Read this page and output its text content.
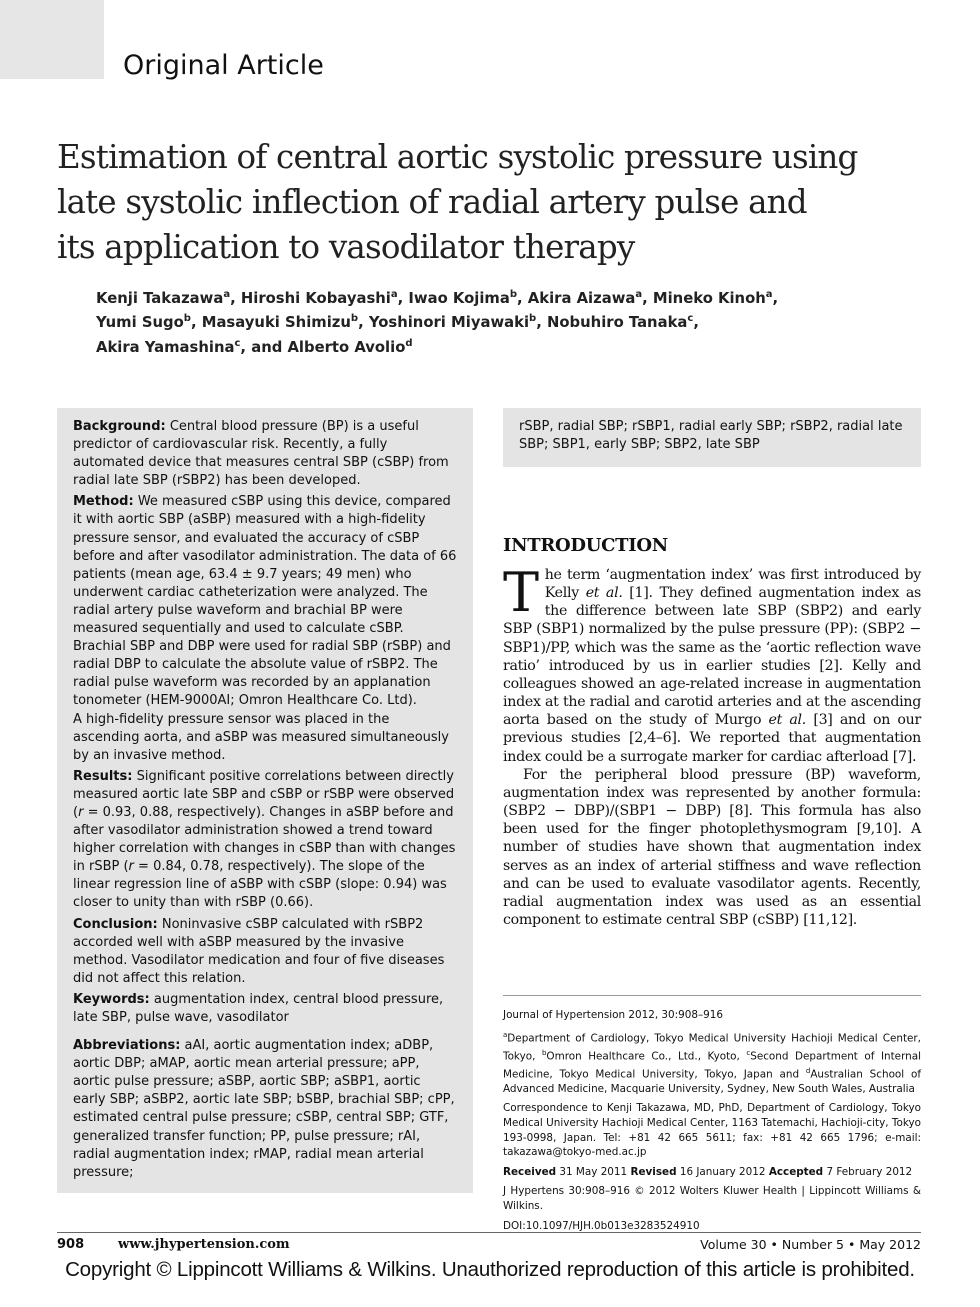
Original Article
Estimation of central aortic systolic pressure using
late systolic inflection of radial artery pulse and
its application to vasodilator therapy
Kenji Takazawa$^a$, Hiroshi Kobayashi$^a$, Iwao Kojima$^b$, Akira Aizawa$^a$, Mineko Kinoh$^a$,
Yumi Sugo$^b$, Masayuki Shimizu$^b$, Yoshinori Miyawaki$^b$, Nobuhiro Tanaka$^c$,
Akira Yamashina$^c$, and Alberto Avolio$^d$

Background: Central blood pressure (BP) is a useful predictor of cardiovascular risk. Recently, a fully automated device that measures central SBP (cSBP) from radial late SBP (rSBP2) has been developed.

Method: We measured cSBP using this device, compared it with aortic SBP (aSBP) measured with a high-fidelity pressure sensor, and evaluated the accuracy of cSBP before and after vasodilator administration. The data of 66 patients (mean age, 63.4 ± 9.7 years; 49 men) who underwent cardiac catheterization were analyzed. The radial artery pulse waveform and brachial BP were measured sequentially and used to calculate cSBP. Brachial SBP and DBP were used for radial SBP (rSBP) and radial DBP to calculate the absolute value of rSBP2. The radial pulse waveform was recorded by an applanation tonometer (HEM-9000AI; Omron Healthcare Co. Ltd).
A high-fidelity pressure sensor was placed in the ascending aorta, and aSBP was measured simultaneously by an invasive method.

Results: Significant positive correlations between directly measured aortic late SBP and cSBP or rSBP were observed (r = 0.93, 0.88, respectively). Changes in aSBP before and after vasodilator administration showed a trend toward higher correlation with changes in cSBP than with changes in rSBP (r = 0.84, 0.78, respectively). The slope of the linear regression line of aSBP with cSBP (slope: 0.94) was closer to unity than with rSBP (0.66).

Conclusion: Noninvasive cSBP calculated with rSBP2 accorded well with aSBP measured by the invasive method. Vasodilator medication and four of five diseases did not affect this relation.

Keywords: augmentation index, central blood pressure, late SBP, pulse wave, vasodilator

Abbreviations: aAI, aortic augmentation index; aDBP, aortic DBP; aMAP, aortic mean arterial pressure; aPP, aortic pulse pressure; aSBP, aortic SBP; aSBP1, aortic early SBP; aSBP2, aortic late SBP; bSBP, brachial SBP; cPP, estimated central pulse pressure; cSBP, central SBP; GTF, generalized transfer function; PP, pulse pressure; rAI, radial augmentation index; rMAP, radial mean arterial pressure;

rSBP, radial SBP; rSBP1, radial early SBP; rSBP2, radial late SBP; SBP1, early SBP; SBP2, late SBP
INTRODUCTION

The term ‘augmentation index’ was first introduced by Kelly et al. [1]. They defined augmentation index as the difference between late SBP (SBP2) and early SBP (SBP1) normalized by the pulse pressure (PP): (SBP2 − SBP1)/PP, which was the same as the ‘aortic reflection wave ratio’ introduced by us in earlier studies [2]. Kelly and colleagues showed an age-related increase in augmentation index at the radial and carotid arteries and at the ascending aorta based on the study of Murgo et al. [3] and on our previous studies [2,4–6]. We reported that augmentation index could be a surrogate marker for cardiac afterload [7].

For the peripheral blood pressure (BP) waveform, augmentation index was represented by another formula: (SBP2 − DBP)/(SBP1 − DBP) [8]. This formula has also been used for the finger photoplethysmogram [9,10]. A number of studies have shown that augmentation index serves as an index of arterial stiffness and wave reflection and can be used to evaluate vasodilator agents. Recently, radial augmentation index was used as an essential component to estimate central SBP (cSBP) [11,12].

Journal of Hypertension 2012, 30:908–916

$^a$Department of Cardiology, Tokyo Medical University Hachioji Medical Center, Tokyo, $^b$Omron Healthcare Co., Ltd., Kyoto, $^c$Second Department of Internal Medicine, Tokyo Medical University, Tokyo, Japan and $^d$Australian School of Advanced Medicine, Macquarie University, Sydney, New South Wales, Australia

Correspondence to Kenji Takazawa, MD, PhD, Department of Cardiology, Tokyo Medical University Hachioji Medical Center, 1163 Tatemachi, Hachioji-city, Tokyo 193-0998, Japan. Tel: +81 42 665 5611; fax: +81 42 665 1796; e-mail: takazawa@tokyo-med.ac.jp

Received 31 May 2011 Revised 16 January 2012 Accepted 7 February 2012

J Hypertens 30:908–916 © 2012 Wolters Kluwer Health | Lippincott Williams & Wilkins.

DOI:10.1097/HJH.0b013e3283524910

908	www.jhypertension.com	Volume 30 • Number 5 • May 2012
Copyright © Lippincott Williams & Wilkins. Unauthorized reproduction of this article is prohibited.
